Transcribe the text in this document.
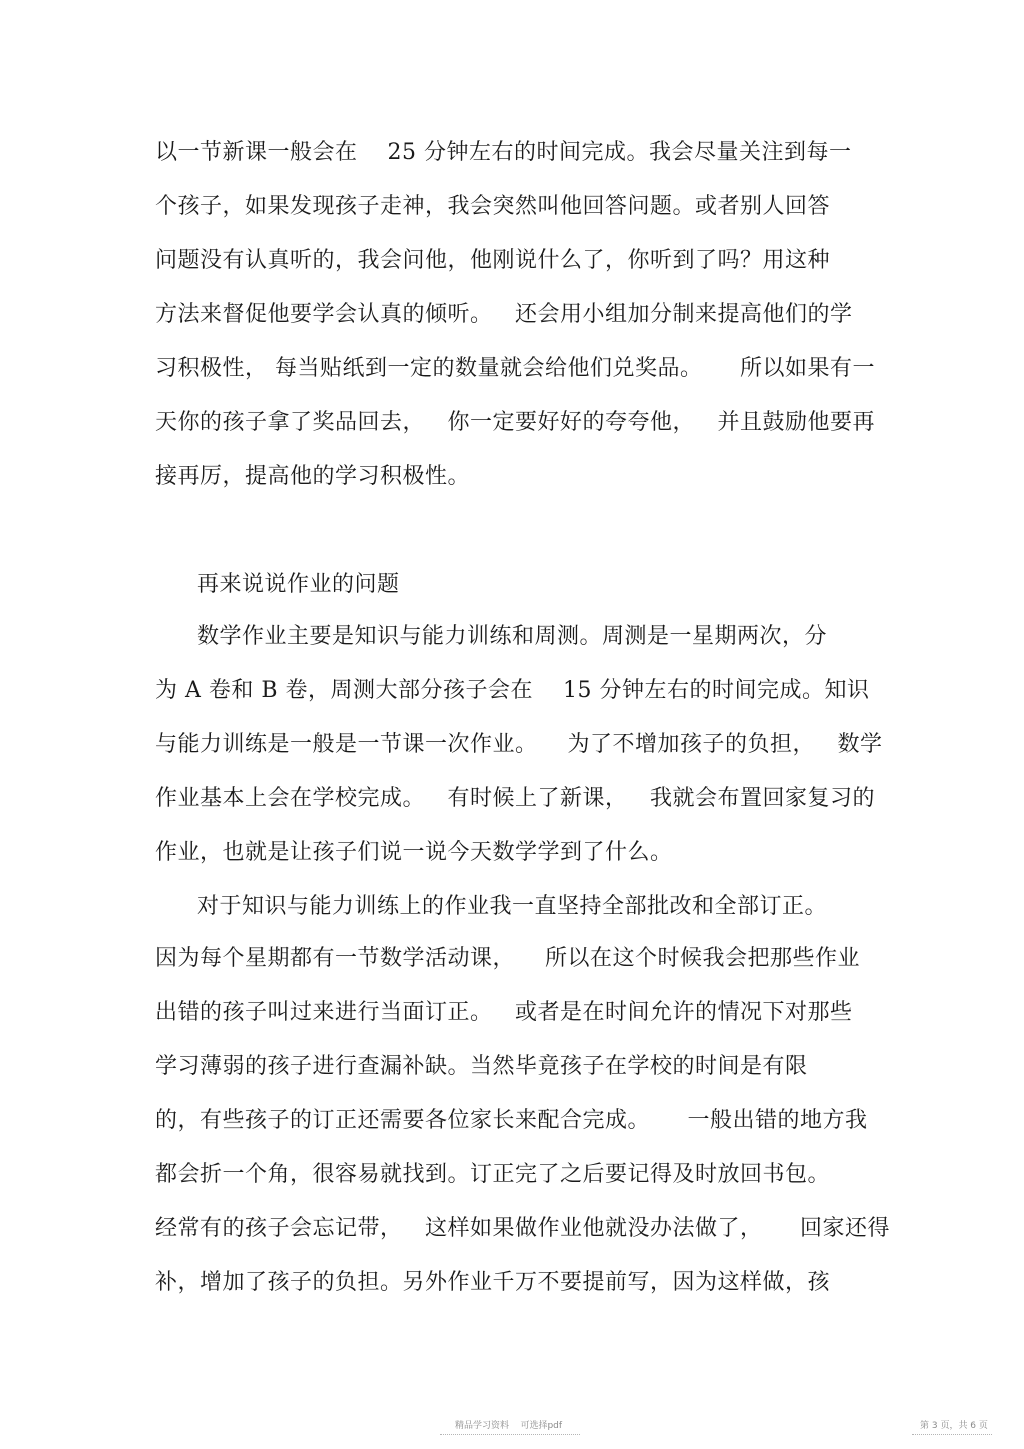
以一节新课一般会在    25 分钟左右的时间完成。我会尽量关注到每一
个孩子，如果发现孩子走神，我会突然叫他回答问题。或者别人回答
问题没有认真听的，我会问他，他刚说什么了，你听到了吗？用这种
方法来督促他要学会认真的倾听。   还会用小组加分制来提高他们的学
习积极性， 每当贴纸到一定的数量就会给他们兑奖品。     所以如果有一
天你的孩子拿了奖品回去，   你一定要好好的夸夸他，   并且鼓励他要再
接再厉，提高他的学习积极性。
再来说说作业的问题
数学作业主要是知识与能力训练和周测。周测是一星期两次，分
为 A 卷和 B 卷，周测大部分孩子会在    15 分钟左右的时间完成。知识
与能力训练是一般是一节课一次作业。    为了不增加孩子的负担，   数学
作业基本上会在学校完成。   有时候上了新课，   我就会布置回家复习的
作业，也就是让孩子们说一说今天数学学到了什么。
对于知识与能力训练上的作业我一直坚持全部批改和全部订正。
因为每个星期都有一节数学活动课，    所以在这个时候我会把那些作业
出错的孩子叫过来进行当面订正。   或者是在时间允许的情况下对那些
学习薄弱的孩子进行查漏补缺。当然毕竟孩子在学校的时间是有限
的，有些孩子的订正还需要各位家长来配合完成。     一般出错的地方我
都会折一个角，很容易就找到。订正完了之后要记得及时放回书包。
经常有的孩子会忘记带，   这样如果做作业他就没办法做了，     回家还得
补，增加了孩子的负担。另外作业千万不要提前写，因为这样做，孩
精品学习资料    可选择pdf	第 3 页，共 6 页
